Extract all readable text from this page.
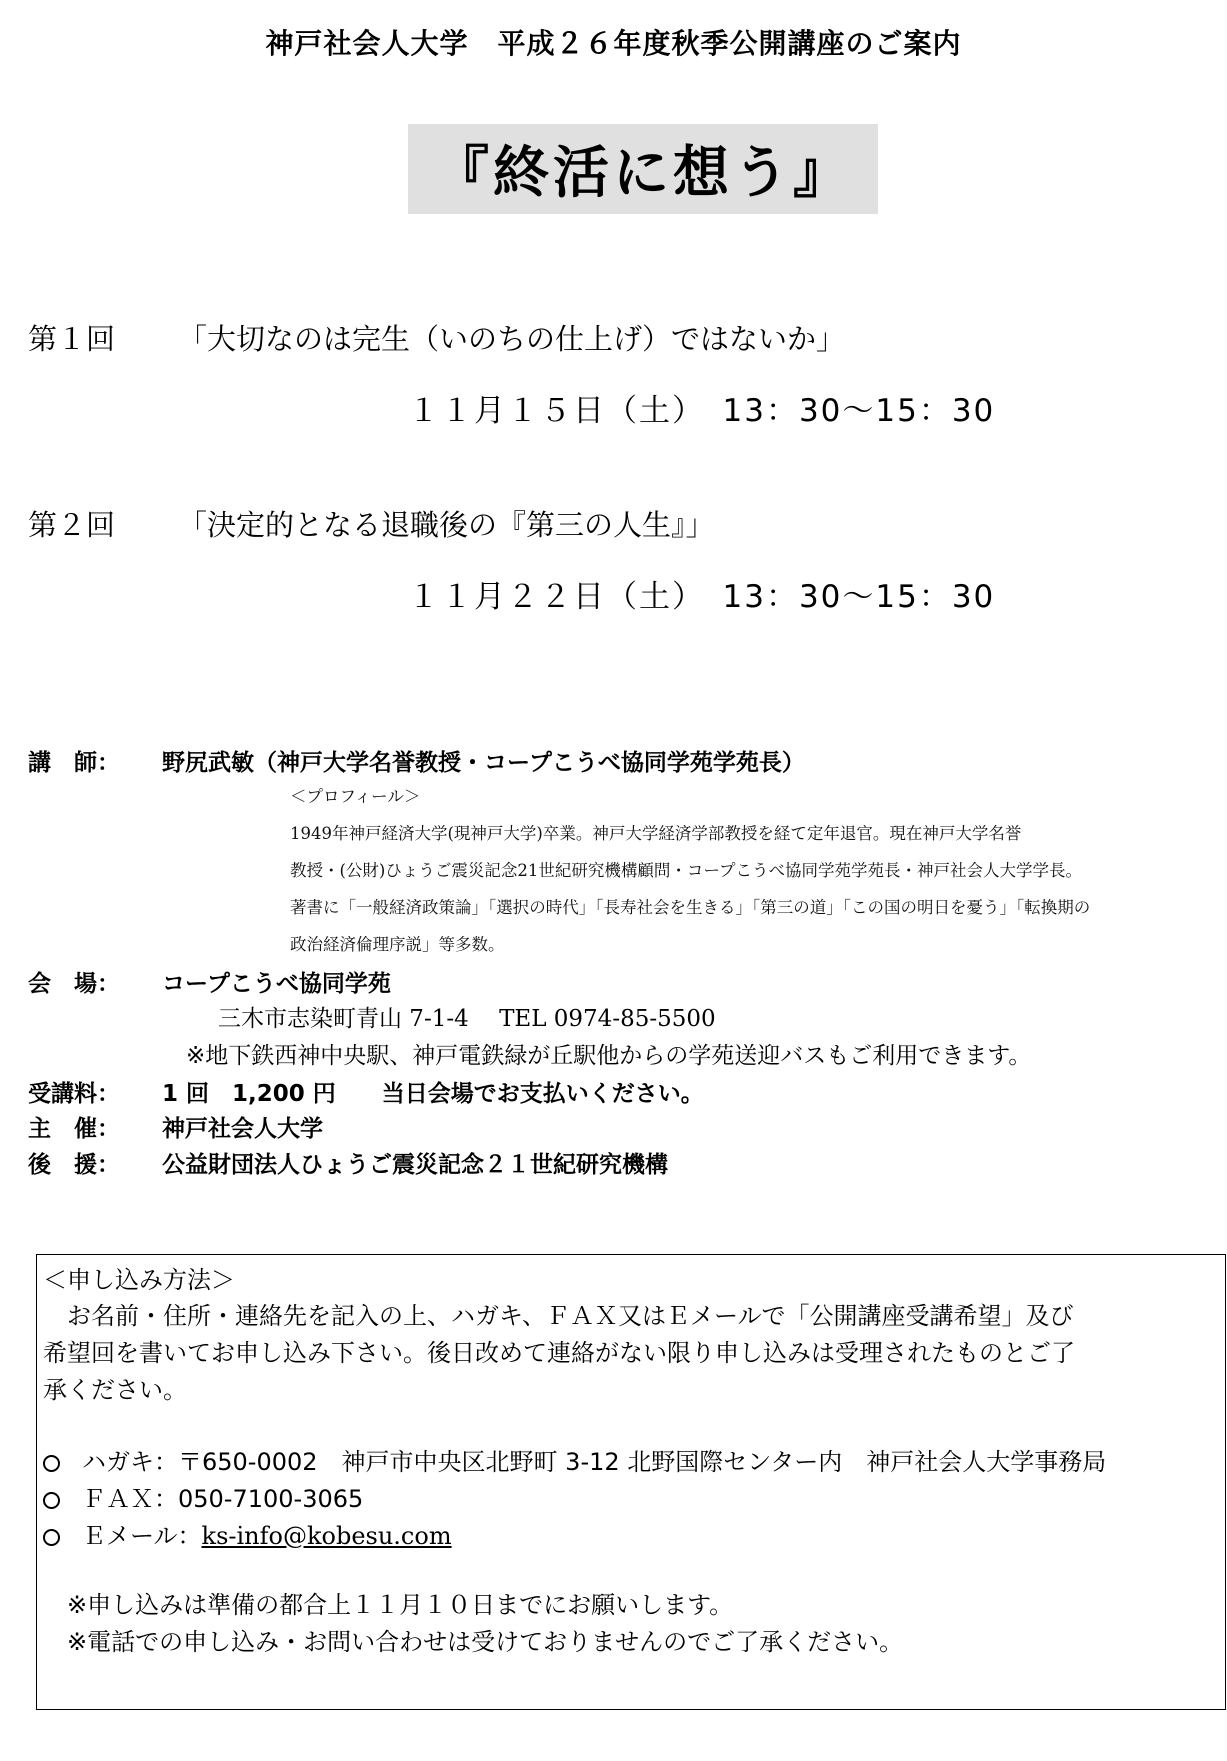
神戸社会人大学　平成２６年度秋季公開講座のご案内
『終活に想う』
第１回 「大切なのは完生（いのちの仕上げ）ではないか」
１１月１５日（土）　13：30〜15：30
第２回 「決定的となる退職後の『第三の人生』」
１１月２２日（土）　13：30〜15：30
講　師： 野尻武敏（神戸大学名誉教授・コープこうべ協同学苑学苑長）
＜プロフィール＞
1949年神戸経済大学(現神戸大学)卒業。神戸大学経済学部教授を経て定年退官。現在神戸大学名誉
教授・(公財)ひょうご震災記念21世紀研究機構顧問・コープこうべ協同学苑学苑長・神戸社会人大学学長。
著書に「一般経済政策論」「選択の時代」「長寿社会を生きる」「第三の道」「この国の明日を憂う」「転換期の
政治経済倫理序説」等多数。
会　場： コープこうべ協同学苑
三木市志染町青山 7-1-4　 TEL 0974-85-5500
※地下鉄西神中央駅、神戸電鉄緑が丘駅他からの学苑送迎バスもご利用できます。
受講料： 1 回　1,200 円　　当日会場でお支払いください。
主　催： 神戸社会人大学
後　援： 公益財団法人ひょうご震災記念２１世紀研究機構
＜申し込み方法＞
　お名前・住所・連絡先を記入の上、ハガキ、ＦＡＸ又はＥメールで「公開講座受講希望」及び
希望回を書いてお申し込み下さい。後日改めて連絡がない限り申し込みは受理されたものとご了
承ください。
ハガキ：〒650-0002　神戸市中央区北野町 3-12 北野国際センター内　神戸社会人大学事務局
ＦＡＸ：050-7100-3065
Ｅメール：ks-info@kobesu.com
※申し込みは準備の都合上１１月１０日までにお願いします。
※電話での申し込み・お問い合わせは受けておりませんのでご了承ください。
